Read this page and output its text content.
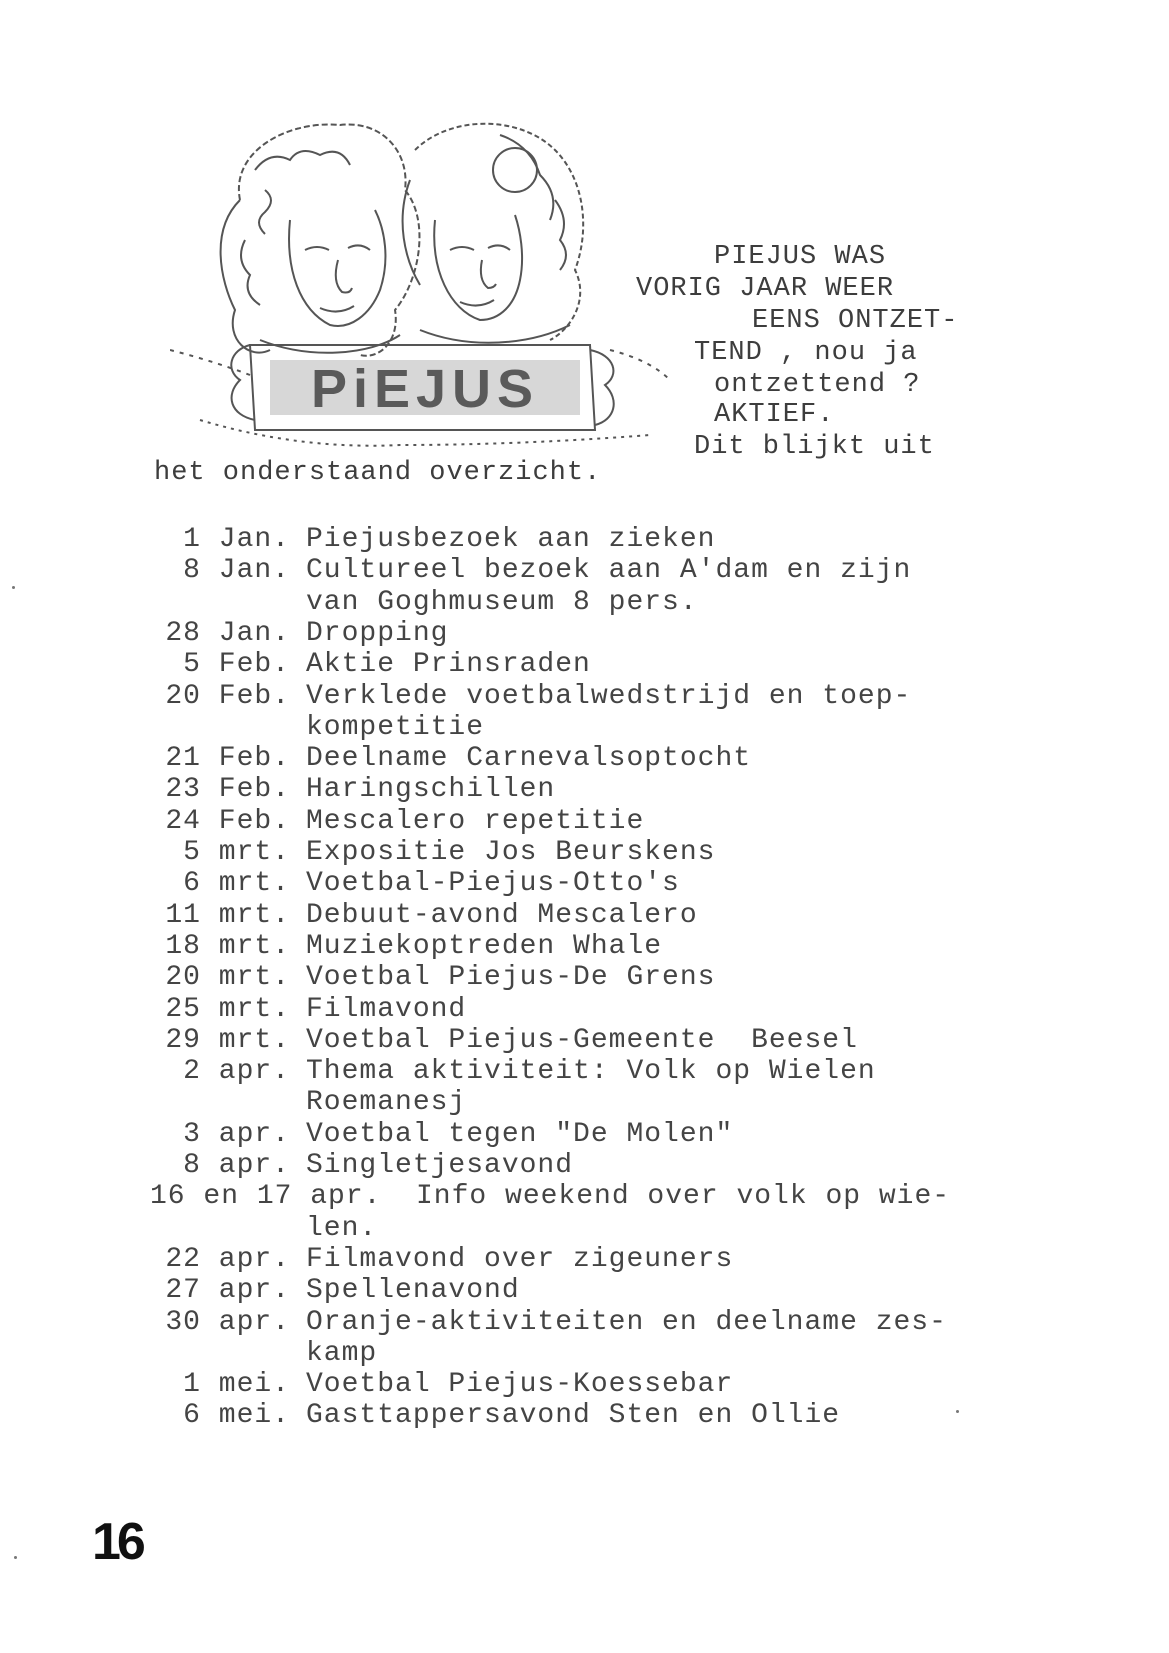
PiEJUS
PIEJUS WAS
VORIG JAAR WEER
EENS ONTZET-
TEND , nou ja
ontzettend ?
AKTIEF.
Dit blijkt uit
het onderstaand overzicht.
1 Jan. Piejusbezoek aan zieken
8 Jan. Cultureel bezoek aan A'dam en zijn
van Goghmuseum 8 pers.
28 Jan. Dropping
5 Feb. Aktie Prinsraden
20 Feb. Verklede voetbalwedstrijd en toep-
kompetitie
21 Feb. Deelname Carnevalsoptocht
23 Feb. Haringschillen
24 Feb. Mescalero repetitie
5 mrt. Expositie Jos Beurskens
6 mrt. Voetbal-Piejus-Otto's
11 mrt. Debuut-avond Mescalero
18 mrt. Muziekoptreden Whale
20 mrt. Voetbal Piejus-De Grens
25 mrt. Filmavond
29 mrt. Voetbal Piejus-Gemeente  Beesel
2 apr. Thema aktiviteit: Volk op Wielen
Roemanesj
3 apr. Voetbal tegen "De Molen"
8 apr. Singletjesavond
16 en 17 apr. Info weekend over volk op wie-
len.
22 apr. Filmavond over zigeuners
27 apr. Spellenavond
30 apr. Oranje-aktiviteiten en deelname zes-
kamp
1 mei. Voetbal Piejus-Koessebar
6 mei. Gasttappersavond Sten en Ollie
16
